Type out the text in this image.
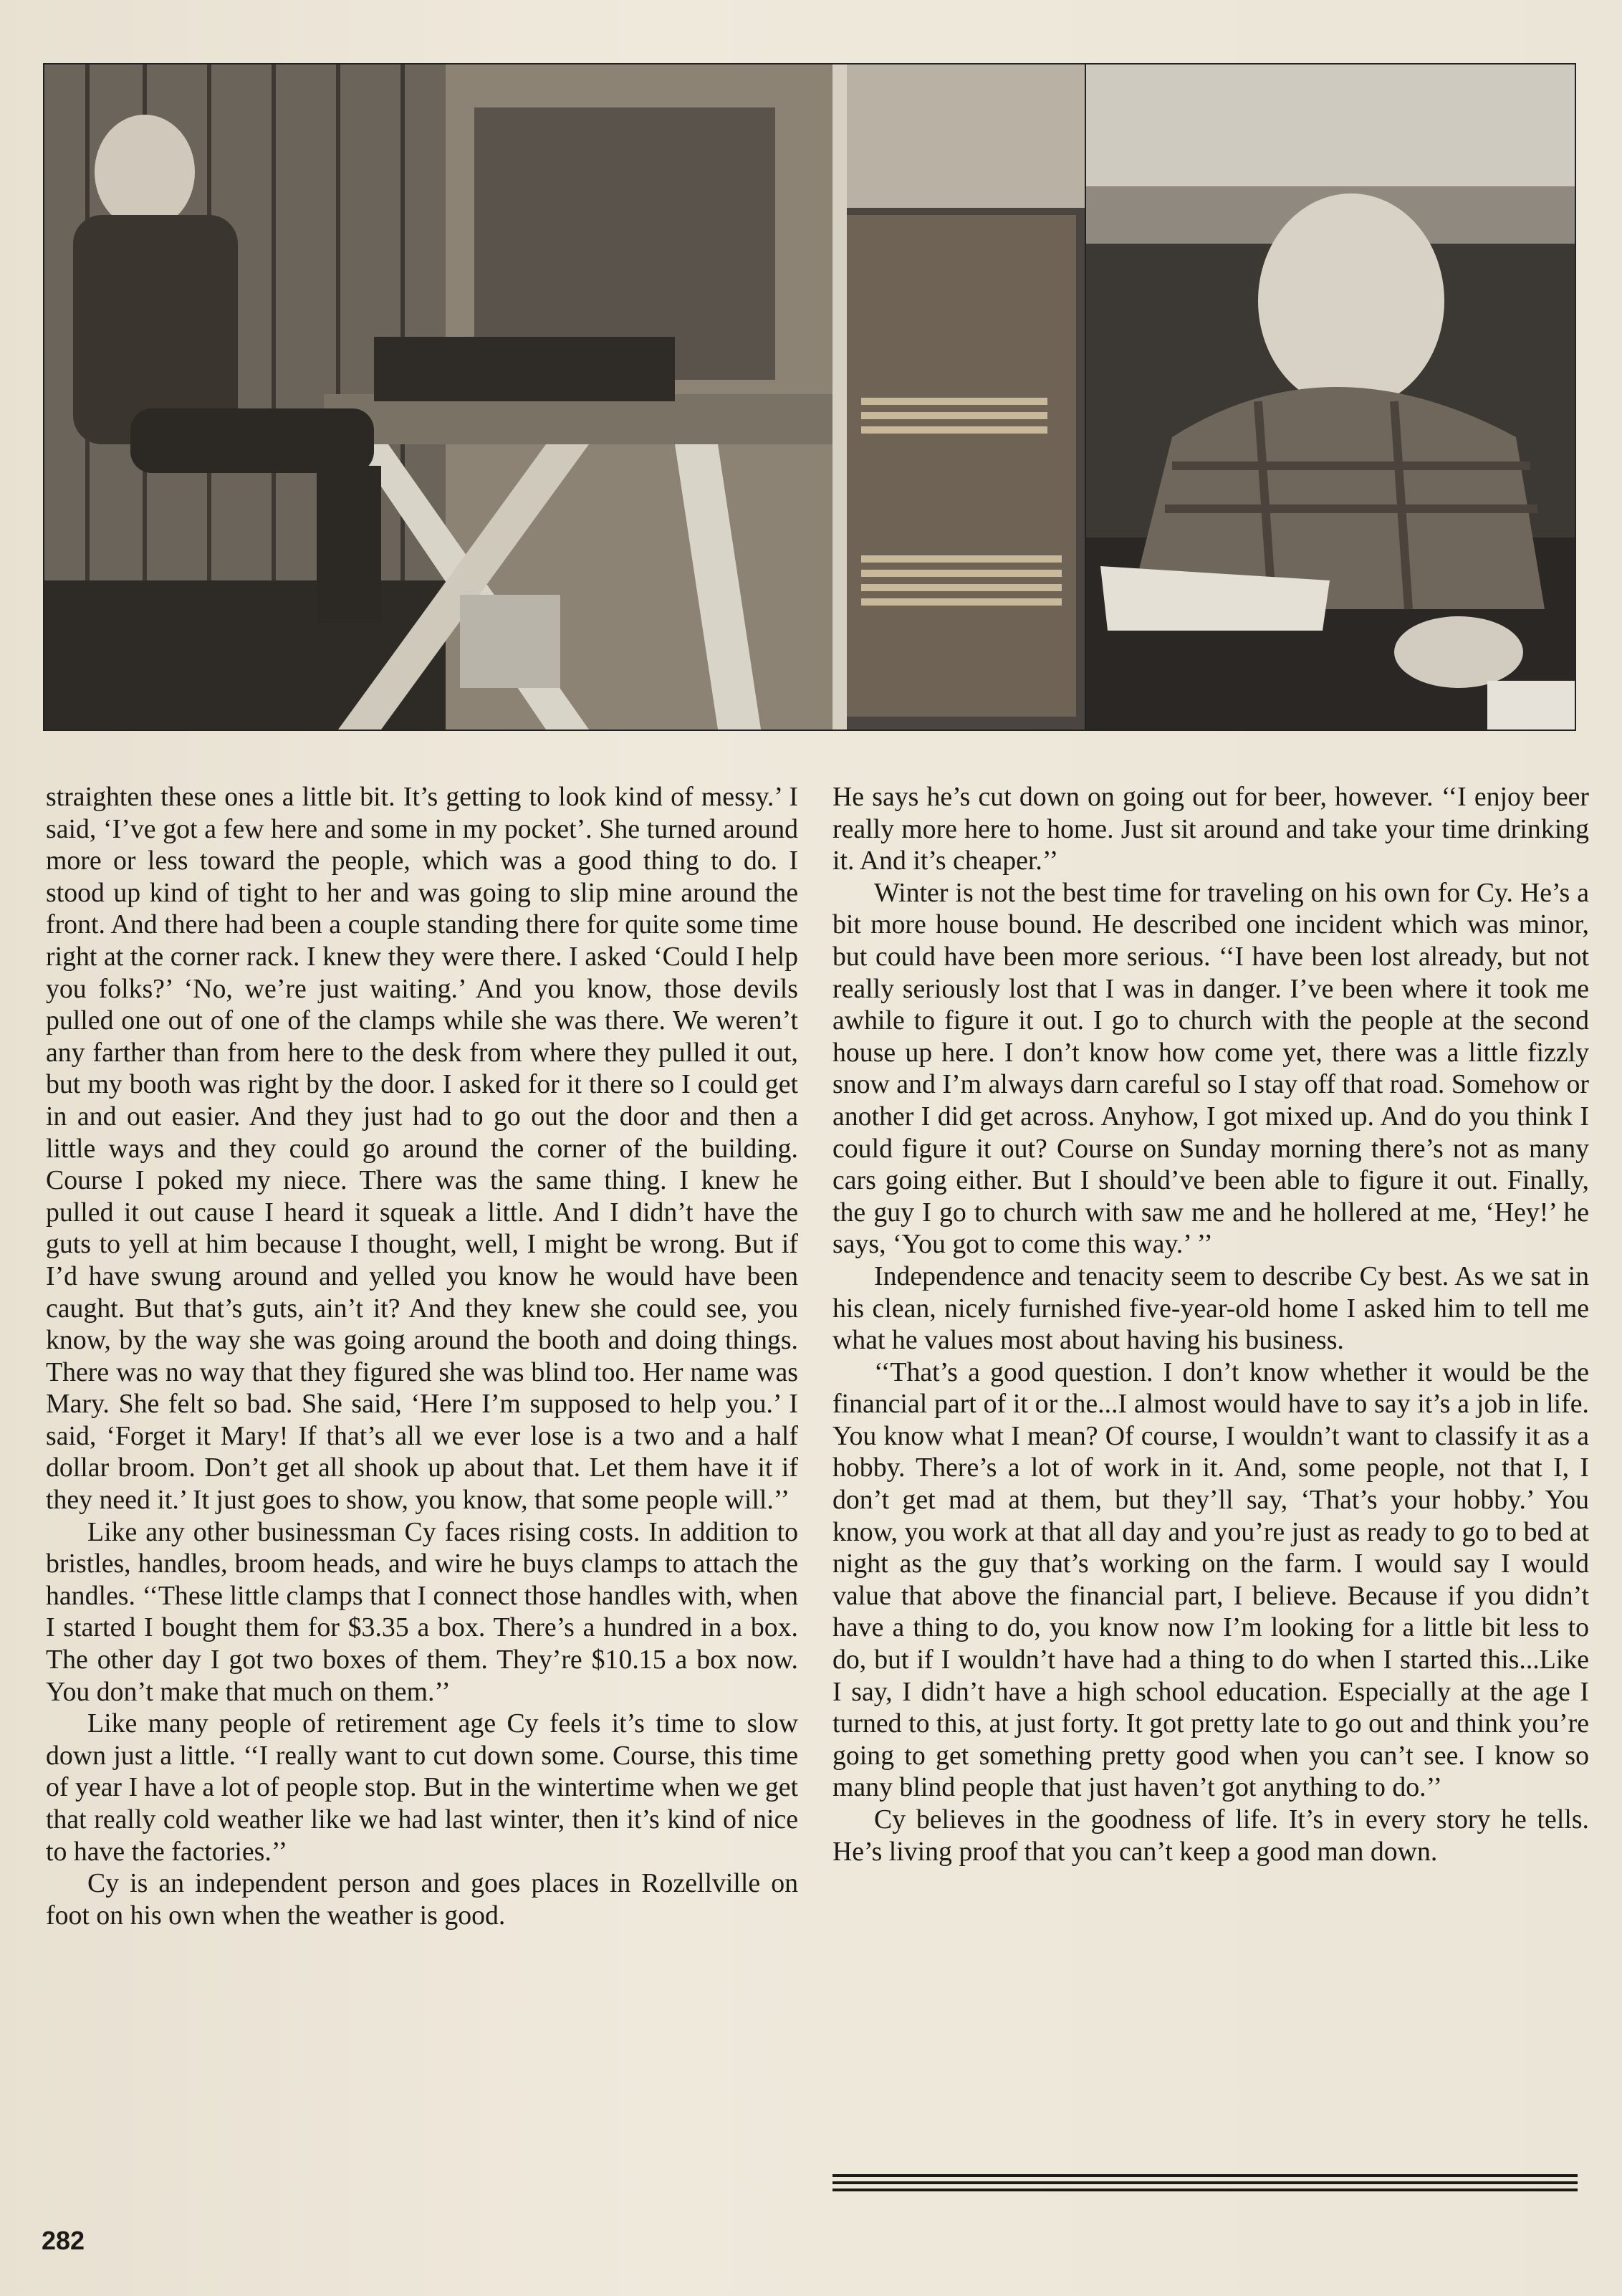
straighten these ones a little bit. It’s getting to look kind of messy.’ I said, ‘I’ve got a few here and some in my pocket’. She turned around more or less toward the people, which was a good thing to do. I stood up kind of tight to her and was going to slip mine around the front. And there had been a couple standing there for quite some time right at the corner rack. I knew they were there. I asked ‘Could I help you folks?’ ‘No, we’re just waiting.’ And you know, those devils pulled one out of one of the clamps while she was there. We weren’t any farther than from here to the desk from where they pulled it out, but my booth was right by the door. I asked for it there so I could get in and out easier. And they just had to go out the door and then a little ways and they could go around the corner of the building. Course I poked my niece. There was the same thing. I knew he pulled it out cause I heard it squeak a little. And I didn’t have the guts to yell at him because I thought, well, I might be wrong. But if I’d have swung around and yelled you know he would have been caught. But that’s guts, ain’t it? And they knew she could see, you know, by the way she was going around the booth and doing things. There was no way that they figured she was blind too. Her name was Mary. She felt so bad. She said, ‘Here I’m supposed to help you.’ I said, ‘Forget it Mary! If that’s all we ever lose is a two and a half dollar broom. Don’t get all shook up about that. Let them have it if they need it.’ It just goes to show, you know, that some people will.’’

Like any other businessman Cy faces rising costs. In addition to bristles, handles, broom heads, and wire he buys clamps to attach the handles. ‘‘These little clamps that I connect those handles with, when I started I bought them for $3.35 a box. There’s a hundred in a box. The other day I got two boxes of them. They’re $10.15 a box now. You don’t make that much on them.’’

Like many people of retirement age Cy feels it’s time to slow down just a little. ‘‘I really want to cut down some. Course, this time of year I have a lot of people stop. But in the wintertime when we get that really cold weather like we had last winter, then it’s kind of nice to have the factories.’’

Cy is an independent person and goes places in Rozellville on foot on his own when the weather is good.

He says he’s cut down on going out for beer, however. ‘‘I enjoy beer really more here to home. Just sit around and take your time drinking it. And it’s cheaper.’’

Winter is not the best time for traveling on his own for Cy. He’s a bit more house bound. He described one incident which was minor, but could have been more serious. ‘‘I have been lost already, but not really seriously lost that I was in danger. I’ve been where it took me awhile to figure it out. I go to church with the people at the second house up here. I don’t know how come yet, there was a little fizzly snow and I’m always darn careful so I stay off that road. Somehow or another I did get across. Anyhow, I got mixed up. And do you think I could figure it out? Course on Sunday morning there’s not as many cars going either. But I should’ve been able to figure it out. Finally, the guy I go to church with saw me and he hollered at me, ‘Hey!’ he says, ‘You got to come this way.’ ’’

Independence and tenacity seem to describe Cy best. As we sat in his clean, nicely furnished five-year-old home I asked him to tell me what he values most about having his business.

‘‘That’s a good question. I don’t know whether it would be the financial part of it or the...I almost would have to say it’s a job in life. You know what I mean? Of course, I wouldn’t want to classify it as a hobby. There’s a lot of work in it. And, some people, not that I, I don’t get mad at them, but they’ll say, ‘That’s your hobby.’ You know, you work at that all day and you’re just as ready to go to bed at night as the guy that’s working on the farm. I would say I would value that above the financial part, I believe. Because if you didn’t have a thing to do, you know now I’m looking for a little bit less to do, but if I wouldn’t have had a thing to do when I started this...Like I say, I didn’t have a high school education. Especially at the age I turned to this, at just forty. It got pretty late to go out and think you’re going to get something pretty good when you can’t see. I know so many blind people that just haven’t got anything to do.’’

Cy believes in the goodness of life. It’s in every story he tells. He’s living proof that you can’t keep a good man down.

282
